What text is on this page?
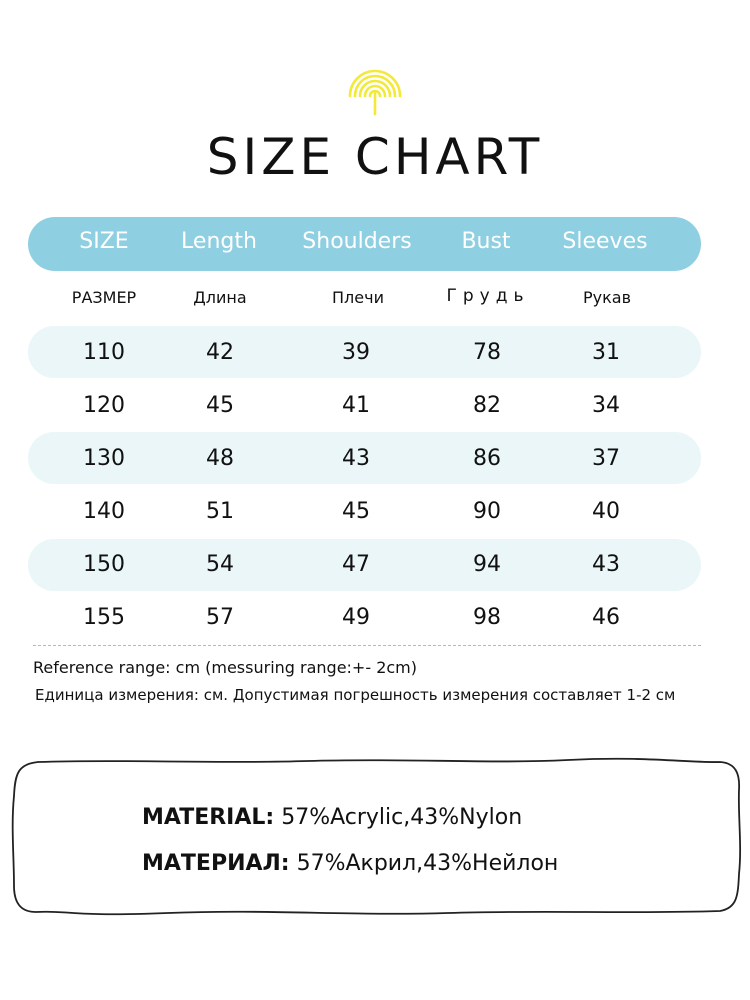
SIZE CHART
SIZE Length Shoulders Bust Sleeves
РАЗМЕР	Длина	Плечи	Грудь	Рукав
110	42	39	78	31
120	45	41	82	34
130	48	43	86	37
140	51	45	90	40
150	54	47	94	43
155	57	49	98	46
Reference range: cm (messuring range:+- 2cm)
Единица измерения: см. Допустимая погрешность измерения составляет 1-2 см
MATERIAL: 57%Acrylic,43%Nylon
МАТЕРИАЛ: 57%Акрил,43%Нейлон
